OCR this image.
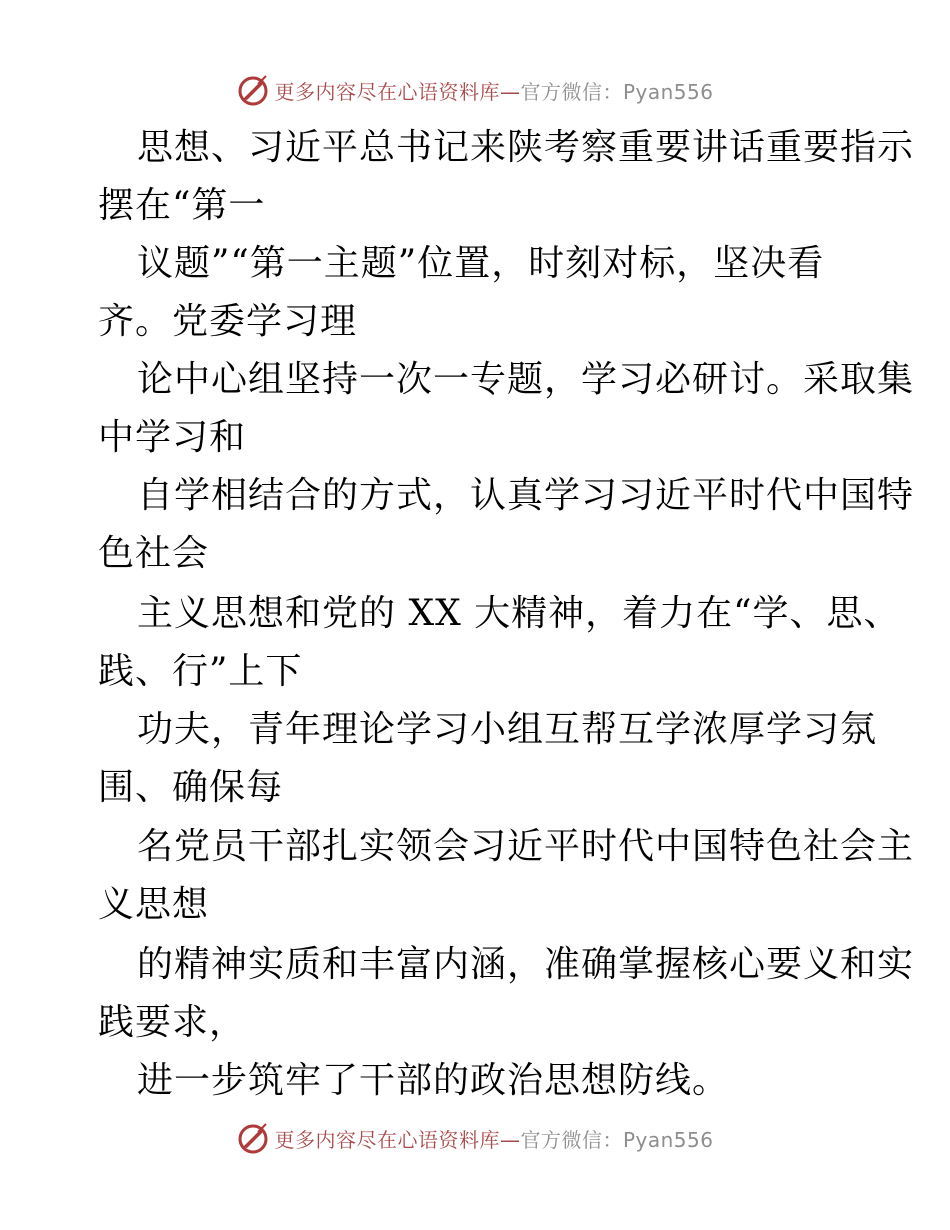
更多内容尽在心语资料库—官方微信：Pyan556
思想、习近平总书记来陕考察重要讲话重要指示
摆在“第一
议题”“第一主题”位置，时刻对标，坚决看
齐。党委学习理
论中心组坚持一次一专题，学习必研讨。采取集
中学习和
自学相结合的方式，认真学习习近平时代中国特
色社会
主义思想和党的 XX 大精神，着力在“学、思、
践、行”上下
功夫，青年理论学习小组互帮互学浓厚学习氛
围、确保每
名党员干部扎实领会习近平时代中国特色社会主
义思想
的精神实质和丰富内涵，准确掌握核心要义和实
践要求，
进一步筑牢了干部的政治思想防线。
更多内容尽在心语资料库—官方微信：Pyan556
